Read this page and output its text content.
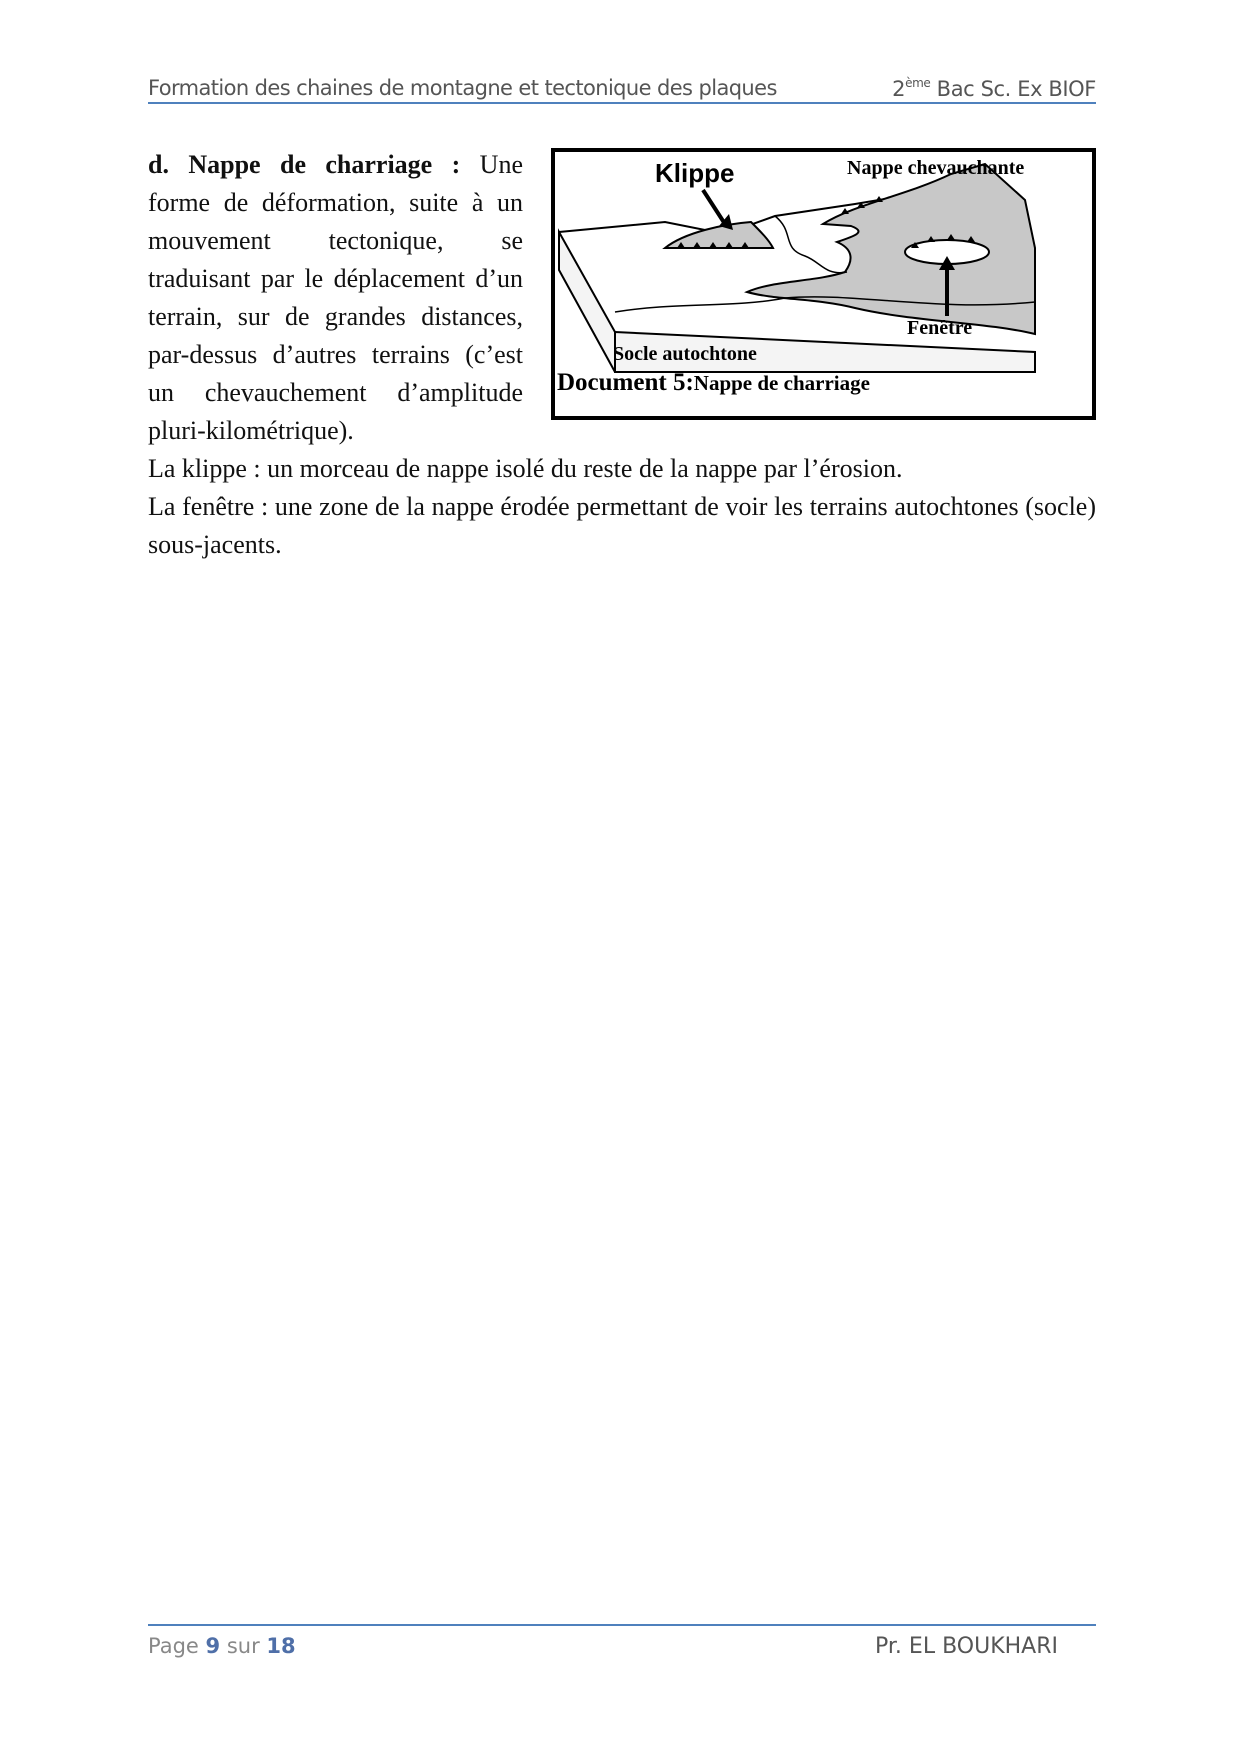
Formation des chaines de montagne et tectonique des plaques	2ème Bac Sc. Ex BIOF
Klippe	Nappe chevauchante
Fenêtre
Socle autochtone
Document 5:Nappe de charriage

d. Nappe de charriage : Une forme de déformation, suite à un mouvement tectonique, se traduisant par le déplacement d’un terrain, sur de grandes distances, par-dessus d’autres terrains (c’est un chevauchement d’amplitude pluri-kilométrique).

La klippe : un morceau de nappe isolé du reste de la nappe par l’érosion.

La fenêtre : une zone de la nappe érodée permettant de voir les terrains autochtones (socle) sous-jacents.

Page 9 sur 18	Pr. EL BOUKHARI
